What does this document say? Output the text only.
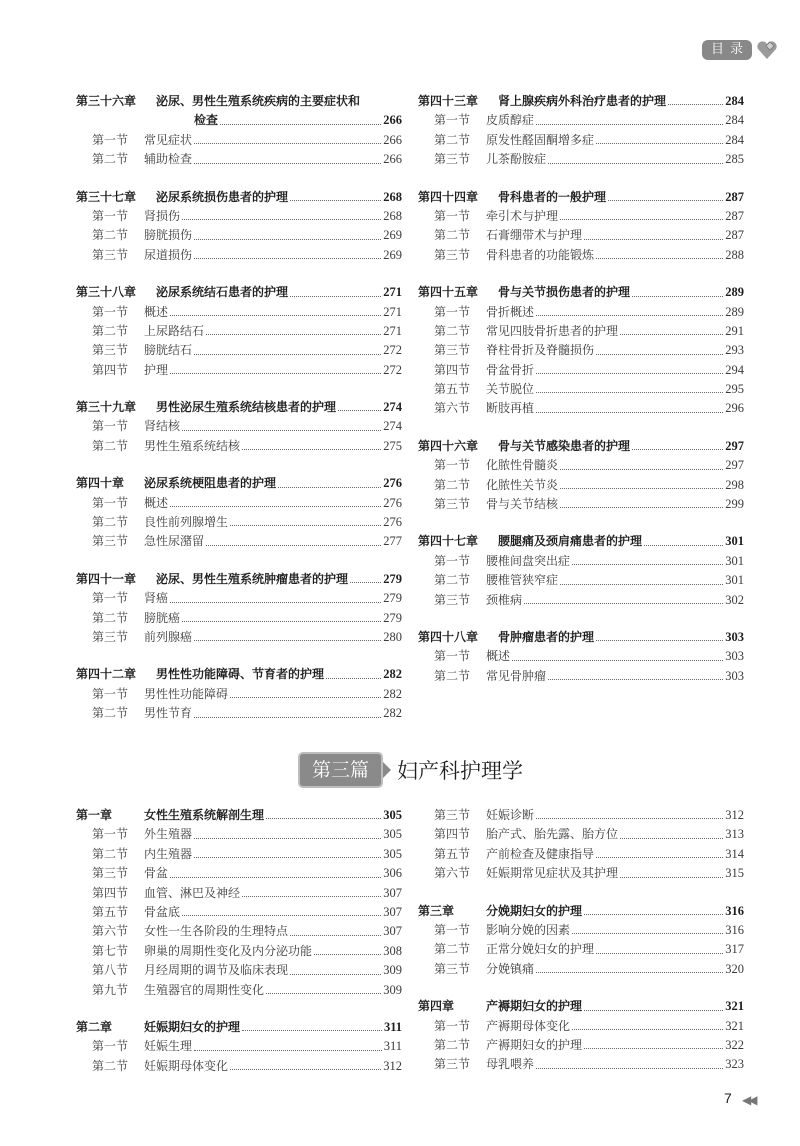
目录
第三十六章	泌尿、男性生殖系统疾病的主要症状和
检查	266
第一节	常见症状	266
第二节	辅助检查	266
第三十七章	泌尿系统损伤患者的护理	268
第一节	肾损伤	268
第二节	膀胱损伤	269
第三节	尿道损伤	269
第三十八章	泌尿系统结石患者的护理	271
第一节	概述	271
第二节	上尿路结石	271
第三节	膀胱结石	272
第四节	护理	272
第三十九章	男性泌尿生殖系统结核患者的护理	274
第一节	肾结核	274
第二节	男性生殖系统结核	275
第四十章	泌尿系统梗阻患者的护理	276
第一节	概述	276
第二节	良性前列腺增生	276
第三节	急性尿潴留	277
第四十一章	泌尿、男性生殖系统肿瘤患者的护理	279
第一节	肾癌	279
第二节	膀胱癌	279
第三节	前列腺癌	280
第四十二章	男性性功能障碍、节育者的护理	282
第一节	男性性功能障碍	282
第二节	男性节育	282
第四十三章	肾上腺疾病外科治疗患者的护理	284
第一节	皮质醇症	284
第二节	原发性醛固酮增多症	284
第三节	儿茶酚胺症	285
第四十四章	骨科患者的一般护理	287
第一节	牵引术与护理	287
第二节	石膏绷带术与护理	287
第三节	骨科患者的功能锻炼	288
第四十五章	骨与关节损伤患者的护理	289
第一节	骨折概述	289
第二节	常见四肢骨折患者的护理	291
第三节	脊柱骨折及脊髓损伤	293
第四节	骨盆骨折	294
第五节	关节脱位	295
第六节	断肢再植	296
第四十六章	骨与关节感染患者的护理	297
第一节	化脓性骨髓炎	297
第二节	化脓性关节炎	298
第三节	骨与关节结核	299
第四十七章	腰腿痛及颈肩痛患者的护理	301
第一节	腰椎间盘突出症	301
第二节	腰椎管狭窄症	301
第三节	颈椎病	302
第四十八章	骨肿瘤患者的护理	303
第一节	概述	303
第二节	常见骨肿瘤	303
第三篇	妇产科护理学
第一章	女性生殖系统解剖生理	305
第一节	外生殖器	305
第二节	内生殖器	305
第三节	骨盆	306
第四节	血管、淋巴及神经	307
第五节	骨盆底	307
第六节	女性一生各阶段的生理特点	307
第七节	卵巢的周期性变化及内分泌功能	308
第八节	月经周期的调节及临床表现	309
第九节	生殖器官的周期性变化	309
第二章	妊娠期妇女的护理	311
第一节	妊娠生理	311
第二节	妊娠期母体变化	312
第三节	妊娠诊断	312
第四节	胎产式、胎先露、胎方位	313
第五节	产前检查及健康指导	314
第六节	妊娠期常见症状及其护理	315
第三章	分娩期妇女的护理	316
第一节	影响分娩的因素	316
第二节	正常分娩妇女的护理	317
第三节	分娩镇痛	320
第四章	产褥期妇女的护理	321
第一节	产褥期母体变化	321
第二节	产褥期妇女的护理	322
第三节	母乳喂养	323
7 ◀◀
